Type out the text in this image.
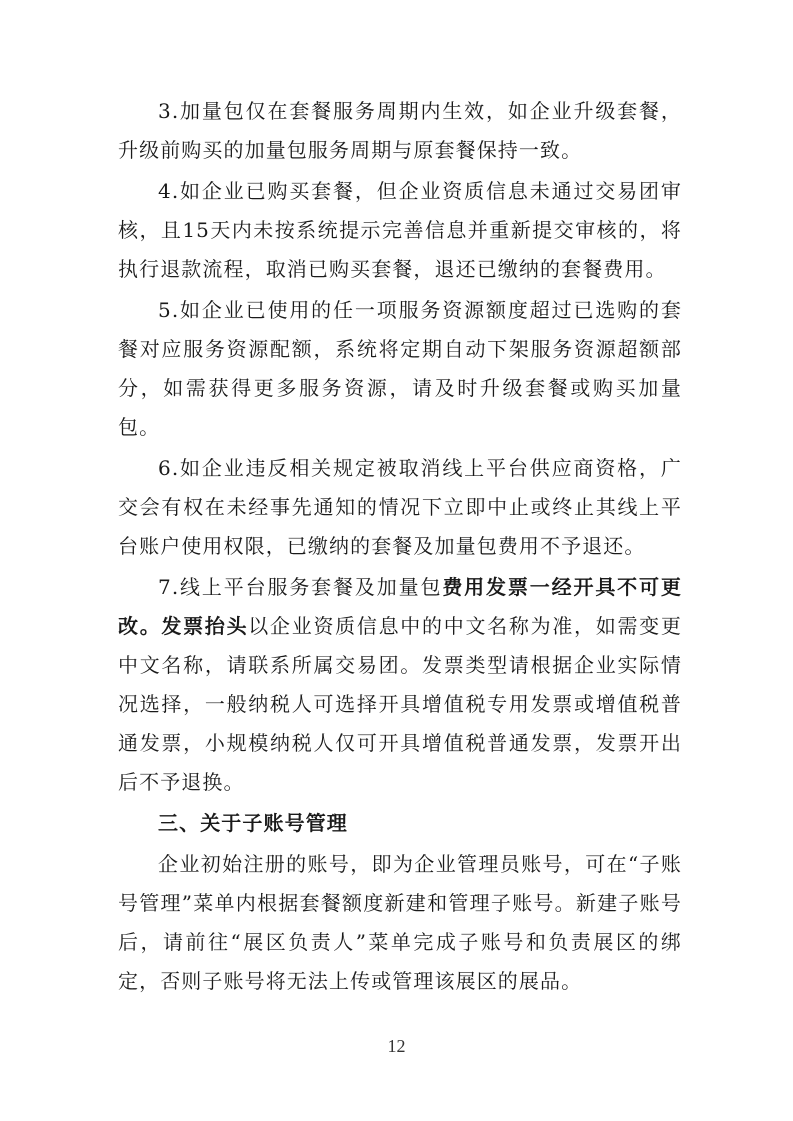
3.加量包仅在套餐服务周期内生效，如企业升级套餐，升级前购买的加量包服务周期与原套餐保持一致。

4.如企业已购买套餐，但企业资质信息未通过交易团审核，且15天内未按系统提示完善信息并重新提交审核的，将执行退款流程，取消已购买套餐，退还已缴纳的套餐费用。

5.如企业已使用的任一项服务资源额度超过已选购的套餐对应服务资源配额，系统将定期自动下架服务资源超额部分，如需获得更多服务资源，请及时升级套餐或购买加量包。

6.如企业违反相关规定被取消线上平台供应商资格，广交会有权在未经事先通知的情况下立即中止或终止其线上平台账户使用权限，已缴纳的套餐及加量包费用不予退还。

7.线上平台服务套餐及加量包费用发票一经开具不可更改。发票抬头以企业资质信息中的中文名称为准，如需变更中文名称，请联系所属交易团。发票类型请根据企业实际情况选择，一般纳税人可选择开具增值税专用发票或增值税普通发票，小规模纳税人仅可开具增值税普通发票，发票开出后不予退换。

三、关于子账号管理

企业初始注册的账号，即为企业管理员账号，可在“子账号管理”菜单内根据套餐额度新建和管理子账号。新建子账号后，请前往“展区负责人”菜单完成子账号和负责展区的绑定，否则子账号将无法上传或管理该展区的展品。

12
